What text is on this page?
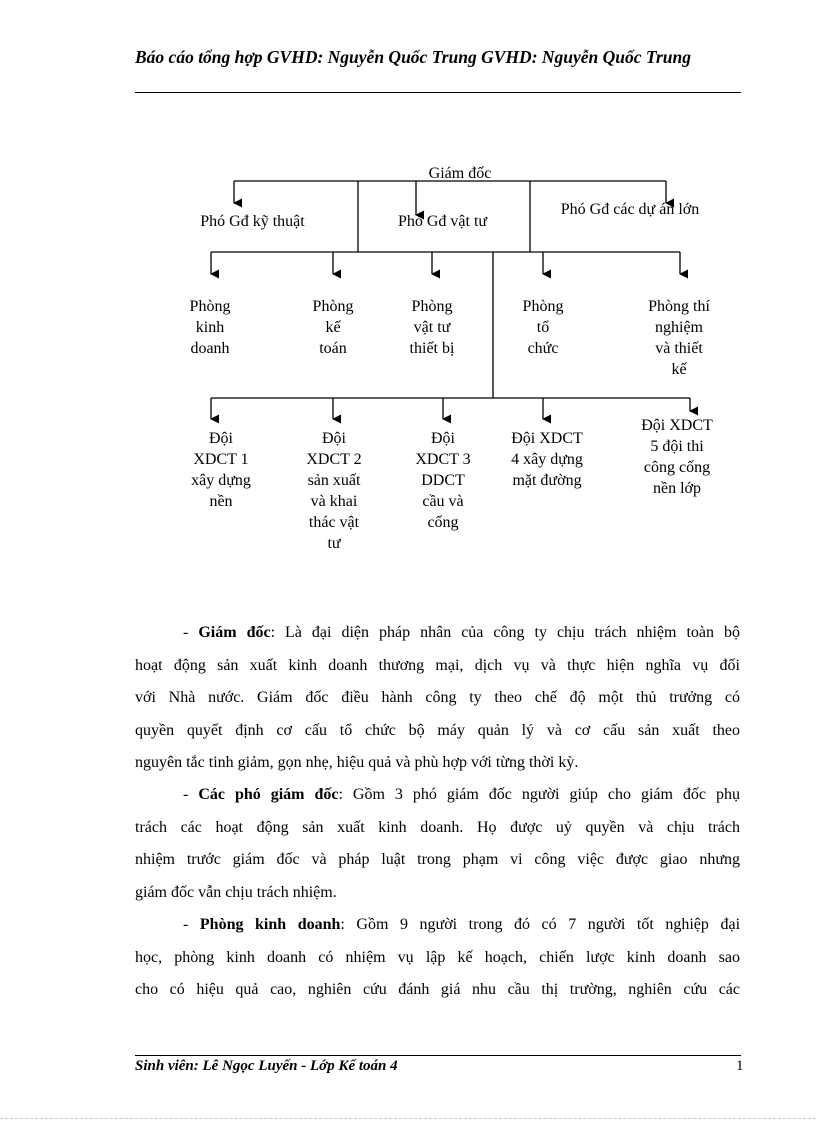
Báo cáo tổng hợp GVHD: Nguyễn Quốc Trung GVHD: Nguyễn Quốc Trung
Giám đốc
Phó Gđ kỹ thuật	Phó Gđ vật tư
Phó Gđ các dự án lớn
Phòng
kinh
doanh
Phòng
kế
toán
Phòng
vật tư
thiết bị
Phòng
tổ
chức
Phòng thí
nghiệm
và thiết
kế
Đội
XDCT 1
xây dựng
nền
Đội
XDCT 2
sản xuất
và khai
thác vật
tư
Đội
XDCT 3
DDCT
cầu và
cống
Đội XDCT
4 xây dựng
mặt đường
Đội XDCT
5 đội thi
công cống
nền lớp
- Giám đốc: Là đại diện pháp nhân của công ty chịu trách nhiệm toàn bộ
hoạt động sản xuất kinh doanh thương mại, dịch vụ và thực hiện nghĩa vụ đối
với Nhà nước. Giám đốc điều hành công ty theo chế độ một thủ trưởng có
quyền quyết định cơ cấu tổ chức bộ máy quản lý và cơ cấu sản xuất theo
nguyên tắc tinh giảm, gọn nhẹ, hiệu quả và phù hợp với từng thời kỳ.
- Các phó giám đốc: Gồm 3 phó giám đốc người giúp cho giám đốc phụ
trách các hoạt động sản xuất kinh doanh. Họ được uỷ quyền và chịu trách
nhiệm trước giám đốc và pháp luật trong phạm vi công việc được giao nhưng
giám đốc vẫn chịu trách nhiệm.
- Phòng kinh doanh: Gồm 9 người trong đó có 7 người tốt nghiệp đại
học, phòng kinh doanh có nhiệm vụ lập kế hoạch, chiến lược kinh doanh sao
cho có hiệu quả cao, nghiên cứu đánh giá nhu cầu thị trường, nghiên cứu các
Sinh viên: Lê Ngọc Luyến - Lớp Kế toán 4	1
